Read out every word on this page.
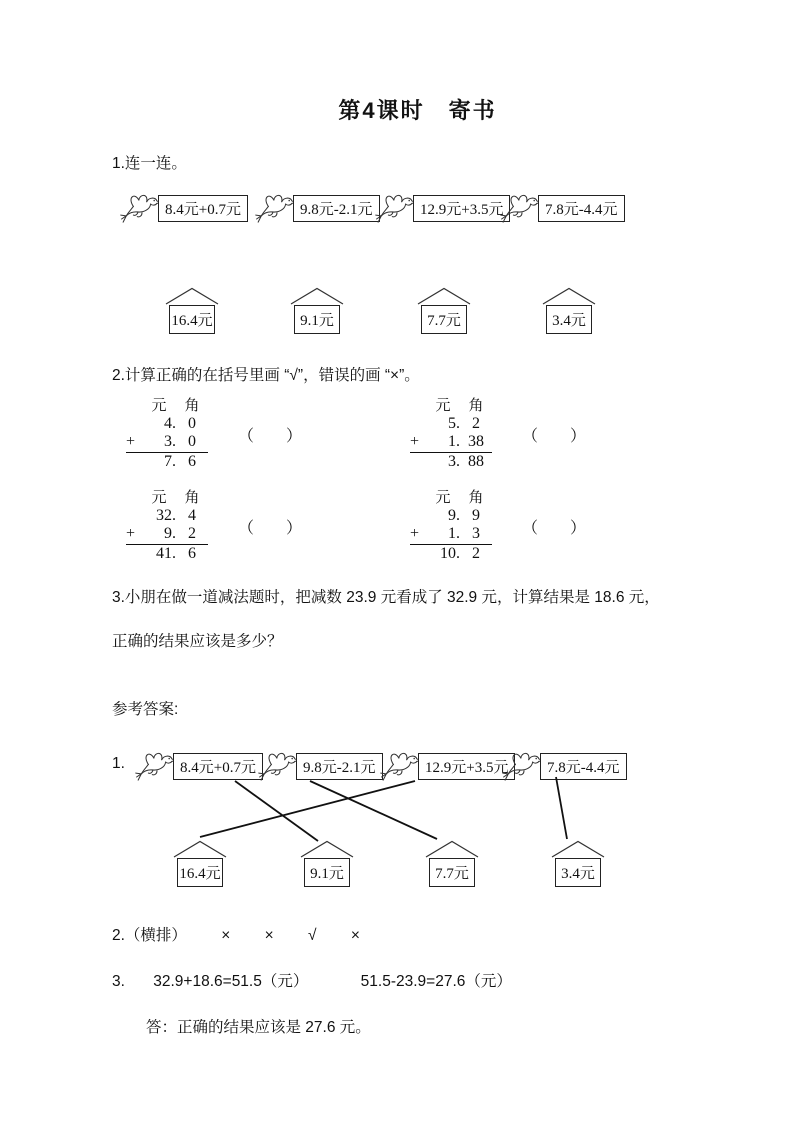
第4课时　寄书
1.连一连。
8.4元+0.7元	9.8元-2.1元	12.9元+3.5元	7.8元-4.4元
16.4元	9.1元	7.7元	3.4元
2.计算正确的在括号里画 “√”，错误的画 “×”。
元	角
4. 0
+	3. 0
7. 6
（　　）
元	角
5. 2
+	1. 38
3. 88
（　　）
元	角
32. 4
+	9. 2
41. 6
（　　）
元	角
9. 9
+	1. 3
10. 2
（　　）
3.小朋在做一道减法题时，把减数 23.9 元看成了 32.9 元，计算结果是 18.6 元，
正确的结果应该是多少？
参考答案:
1.	8.4元+0.7元	9.8元-2.1元	12.9元+3.5元	7.8元-4.4元
16.4元	9.1元	7.7元	3.4元
2.（横排） × × √ ×
3. 32.9+18.6=51.5（元）	51.5-23.9=27.6（元）
答：正确的结果应该是 27.6 元。
